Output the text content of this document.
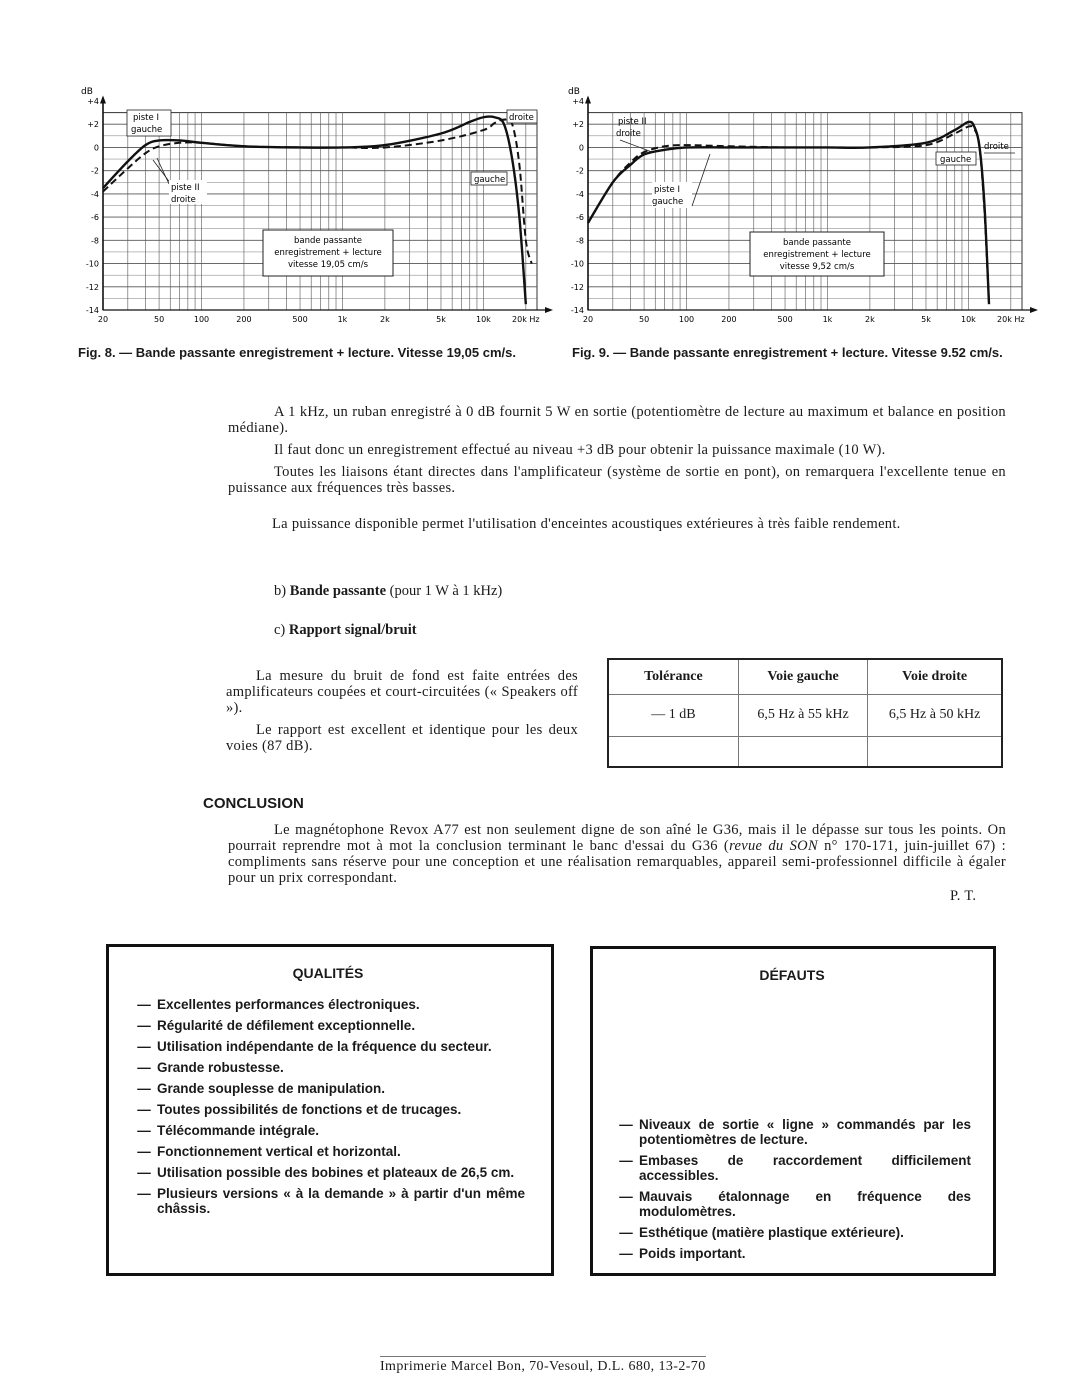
+4
+2
0
-2
-4
-6
-8
-10
-12
-14
20	50	100	200	500	1k	2k	5k	10k	20k Hz
dB
piste I
gauche
piste II
droite
droite
gauche
bande passante
enregistrement + lecture
vitesse 19,05 cm/s
+4
+2
0
-2
-4
-6
-8
-10
-12
-14
20	50	100	200	500	1k	2k	5k	10k	20k Hz
dB
piste II
droite
piste I
gauche
droite
gauche
bande passante
enregistrement + lecture
vitesse 9,52 cm/s
Fig. 8. — Bande passante enregistrement + lecture. Vitesse 19,05 cm/s.	Fig. 9. — Bande passante enregistrement + lecture. Vitesse 9.52 cm/s.

A 1 kHz, un ruban enregistré à 0 dB fournit 5 W en sortie (potentiomètre de lecture au maximum et balance en position médiane).

Il faut donc un enregistrement effectué au niveau +3 dB pour obtenir la puissance maximale (10 W).

Toutes les liaisons étant directes dans l'amplificateur (système de sortie en pont), on remarquera l'excellente tenue en puissance aux fréquences très basses.

La puissance disponible permet l'utilisation d'enceintes acoustiques extérieures à très faible rendement.

b) Bande passante (pour 1 W à 1 kHz)
c) Rapport signal/bruit

La mesure du bruit de fond est faite entrées des amplificateurs coupées et court-circuitées (« Speakers off »).

Le rapport est excellent et identique pour les deux voies (87 dB).

Tolérance	Voie gauche	Voie droite
— 1 dB	6,5 Hz à 55 kHz	6,5 Hz à 50 kHz

CONCLUSION

Le magnétophone Revox A77 est non seulement digne de son aîné le G36, mais il le dépasse sur tous les points. On pourrait reprendre mot à mot la conclusion terminant le banc d'essai du G36 (revue du SON n° 170-171, juin-juillet 67) : compliments sans réserve pour une conception et une réalisation remarquables, appareil semi-professionnel difficile à égaler pour un prix correspondant.

P. T.
QUALITÉS
— Excellentes performances électroniques.
— Régularité de défilement exceptionnelle.
— Utilisation indépendante de la fréquence du secteur.
— Grande robustesse.
— Grande souplesse de manipulation.
— Toutes possibilités de fonctions et de trucages.
— Télécommande intégrale.
— Fonctionnement vertical et horizontal.
— Utilisation possible des bobines et plateaux de 26,5 cm.
— Plusieurs versions « à la demande » à partir d'un même châssis.
DÉFAUTS
— Niveaux de sortie « ligne » commandés par les potentiomètres de lecture.
— Embases de raccordement difficilement accessibles.
— Mauvais étalonnage en fréquence des modulomètres.
— Esthétique (matière plastique extérieure).
— Poids important.
Imprimerie Marcel Bon, 70-Vesoul, D.L. 680, 13-2-70
